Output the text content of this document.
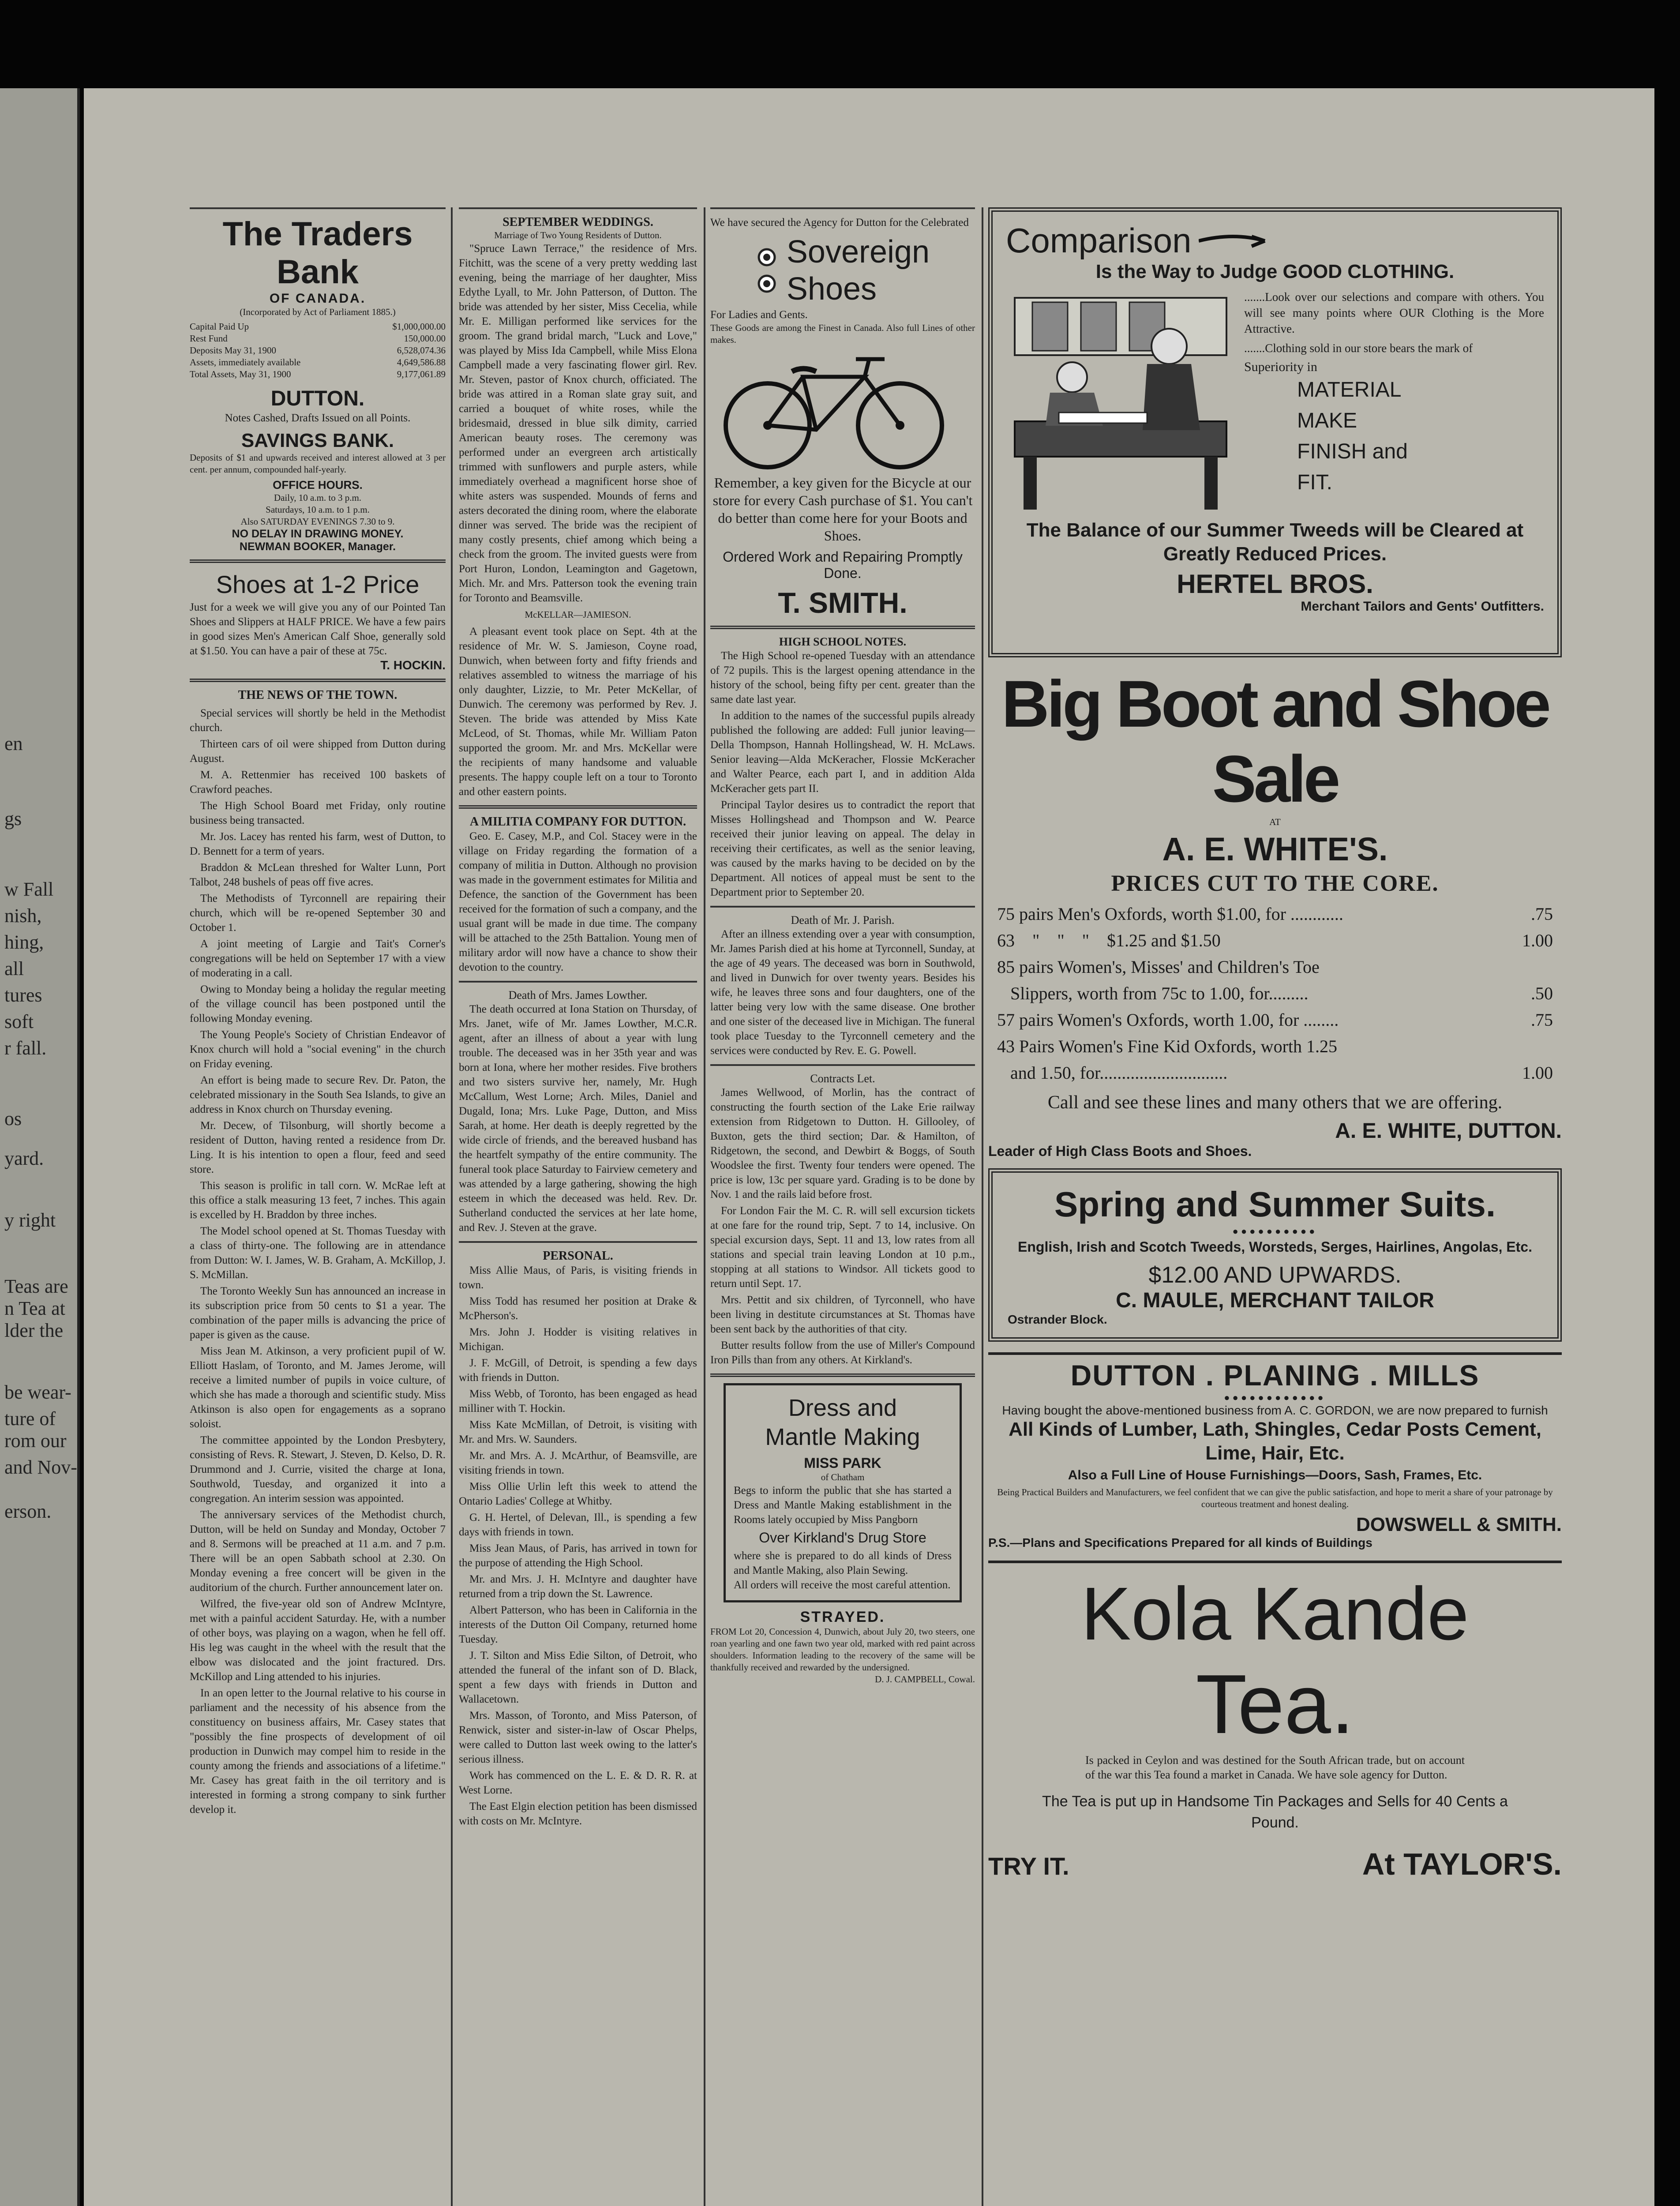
en
gs
w Fall
nish,
hing,
all
tures
soft
r fall.
os
yard.
y right
Teas are
n Tea at
lder the
be wear-
ture of
rom our
and Nov-
erson.
The Traders Bank
OF CANADA.
(Incorporated by Act of Parliament 1885.)
Capital Paid Up	$1,000,000.00
Rest Fund	150,000.00
Deposits May 31, 1900	6,528,074.36
Assets, immediately available	4,649,586.88
Total Assets, May 31, 1900	9,177,061.89
DUTTON.
Notes Cashed, Drafts Issued on all Points.
SAVINGS BANK.
Deposits of $1 and upwards received and interest allowed at 3 per cent. per annum, compounded half-yearly.
OFFICE HOURS.
Daily, 10 a.m. to 3 p.m.
Saturdays, 10 a.m. to 1 p.m.
Also SATURDAY EVENINGS 7.30 to 9.
NO DELAY IN DRAWING MONEY.
NEWMAN BOOKER, Manager.
Shoes at 1-2 Price
Just for a week we will give you any of our Pointed Tan Shoes and Slippers at HALF PRICE. We have a few pairs in good sizes Men's American Calf Shoe, generally sold at $1.50. You can have a pair of these at 75c.
T. HOCKIN.
THE NEWS OF THE TOWN.

Special services will shortly be held in the Methodist church.

Thirteen cars of oil were shipped from Dutton during August.

M. A. Rettenmier has received 100 baskets of Crawford peaches.

The High School Board met Friday, only routine business being transacted.

Mr. Jos. Lacey has rented his farm, west of Dutton, to D. Bennett for a term of years.

Braddon & McLean threshed for Walter Lunn, Port Talbot, 248 bushels of peas off five acres.

The Methodists of Tyrconnell are repairing their church, which will be re-opened September 30 and October 1.

A joint meeting of Largie and Tait's Corner's congregations will be held on September 17 with a view of moderating in a call.

Owing to Monday being a holiday the regular meeting of the village council has been postponed until the following Monday evening.

The Young People's Society of Christian Endeavor of Knox church will hold a "social evening" in the church on Friday evening.

An effort is being made to secure Rev. Dr. Paton, the celebrated missionary in the South Sea Islands, to give an address in Knox church on Thursday evening.

Mr. Decew, of Tilsonburg, will shortly become a resident of Dutton, having rented a residence from Dr. Ling. It is his intention to open a flour, feed and seed store.

This season is prolific in tall corn. W. McRae left at this office a stalk measuring 13 feet, 7 inches. This again is excelled by H. Braddon by three inches.

The Model school opened at St. Thomas Tuesday with a class of thirty-one. The following are in attendance from Dutton: W. I. James, W. B. Graham, A. McKillop, J. S. McMillan.

The Toronto Weekly Sun has announced an increase in its subscription price from 50 cents to $1 a year. The combination of the paper mills is advancing the price of paper is given as the cause.

Miss Jean M. Atkinson, a very proficient pupil of W. Elliott Haslam, of Toronto, and M. James Jerome, will receive a limited number of pupils in voice culture, of which she has made a thorough and scientific study. Miss Atkinson is also open for engagements as a soprano soloist.

The committee appointed by the London Presbytery, consisting of Revs. R. Stewart, J. Steven, D. Kelso, D. R. Drummond and J. Currie, visited the charge at Iona, Southwold, Tuesday, and organized it into a congregation. An interim session was appointed.

The anniversary services of the Methodist church, Dutton, will be held on Sunday and Monday, October 7 and 8. Sermons will be preached at 11 a.m. and 7 p.m. There will be an open Sabbath school at 2.30. On Monday evening a free concert will be given in the auditorium of the church. Further announcement later on.

Wilfred, the five-year old son of Andrew McIntyre, met with a painful accident Saturday. He, with a number of other boys, was playing on a wagon, when he fell off. His leg was caught in the wheel with the result that the elbow was dislocated and the joint fractured. Drs. McKillop and Ling attended to his injuries.

In an open letter to the Journal relative to his course in parliament and the necessity of his absence from the constituency on business affairs, Mr. Casey states that "possibly the fine prospects of development of oil production in Dunwich may compel him to reside in the county among the friends and associations of a lifetime." Mr. Casey has great faith in the oil territory and is interested in forming a strong company to sink further develop it.

SEPTEMBER WEDDINGS.
Marriage of Two Young Residents of Dutton.

"Spruce Lawn Terrace," the residence of Mrs. Fitchitt, was the scene of a very pretty wedding last evening, being the marriage of her daughter, Miss Edythe Lyall, to Mr. John Patterson, of Dutton. The bride was attended by her sister, Miss Cecelia, while Mr. E. Milligan performed like services for the groom. The grand bridal march, "Luck and Love," was played by Miss Ida Campbell, while Miss Elona Campbell made a very fascinating flower girl. Rev. Mr. Steven, pastor of Knox church, officiated. The bride was attired in a Roman slate gray suit, and carried a bouquet of white roses, while the bridesmaid, dressed in blue silk dimity, carried American beauty roses. The ceremony was performed under an evergreen arch artistically trimmed with sunflowers and purple asters, while immediately overhead a magnificent horse shoe of white asters was suspended. Mounds of ferns and asters decorated the dining room, where the elaborate dinner was served. The bride was the recipient of many costly presents, chief among which being a check from the groom. The invited guests were from Port Huron, London, Leamington and Gagetown, Mich. Mr. and Mrs. Patterson took the evening train for Toronto and Beamsville.

McKELLAR—JAMIESON.

A pleasant event took place on Sept. 4th at the residence of Mr. W. S. Jamieson, Coyne road, Dunwich, when between forty and fifty friends and relatives assembled to witness the marriage of his only daughter, Lizzie, to Mr. Peter McKellar, of Dunwich. The ceremony was performed by Rev. J. Steven. The bride was attended by Miss Kate McLeod, of St. Thomas, while Mr. William Paton supported the groom. Mr. and Mrs. McKellar were the recipients of many handsome and valuable presents. The happy couple left on a tour to Toronto and other eastern points.

A MILITIA COMPANY FOR DUTTON.

Geo. E. Casey, M.P., and Col. Stacey were in the village on Friday regarding the formation of a company of militia in Dutton. Although no provision was made in the government estimates for Militia and Defence, the sanction of the Government has been received for the formation of such a company, and the usual grant will be made in due time. The company will be attached to the 25th Battalion. Young men of military ardor will now have a chance to show their devotion to the country.

Death of Mrs. James Lowther.

The death occurred at Iona Station on Thursday, of Mrs. Janet, wife of Mr. James Lowther, M.C.R. agent, after an illness of about a year with lung trouble. The deceased was in her 35th year and was born at Iona, where her mother resides. Five brothers and two sisters survive her, namely, Mr. Hugh McCallum, West Lorne; Arch. Miles, Daniel and Dugald, Iona; Mrs. Luke Page, Dutton, and Miss Sarah, at home. Her death is deeply regretted by the wide circle of friends, and the bereaved husband has the heartfelt sympathy of the entire community. The funeral took place Saturday to Fairview cemetery and was attended by a large gathering, showing the high esteem in which the deceased was held. Rev. Dr. Sutherland conducted the services at her late home, and Rev. J. Steven at the grave.

PERSONAL.

Miss Allie Maus, of Paris, is visiting friends in town.

Miss Todd has resumed her position at Drake & McPherson's.

Mrs. John J. Hodder is visiting relatives in Michigan.

J. F. McGill, of Detroit, is spending a few days with friends in Dutton.

Miss Webb, of Toronto, has been engaged as head milliner with T. Hockin.

Miss Kate McMillan, of Detroit, is visiting with Mr. and Mrs. W. Saunders.

Mr. and Mrs. A. J. McArthur, of Beamsville, are visiting friends in town.

Miss Ollie Urlin left this week to attend the Ontario Ladies' College at Whitby.

G. H. Hertel, of Delevan, Ill., is spending a few days with friends in town.

Miss Jean Maus, of Paris, has arrived in town for the purpose of attending the High School.

Mr. and Mrs. J. H. McIntyre and daughter have returned from a trip down the St. Lawrence.

Albert Patterson, who has been in California in the interests of the Dutton Oil Company, returned home Tuesday.

J. T. Silton and Miss Edie Silton, of Detroit, who attended the funeral of the infant son of D. Black, spent a few days with friends in Dutton and Wallacetown.

Mrs. Masson, of Toronto, and Miss Paterson, of Renwick, sister and sister-in-law of Oscar Phelps, were called to Dutton last week owing to the latter's serious illness.

Work has commenced on the L. E. & D. R. R. at West Lorne.

The East Elgin election petition has been dismissed with costs on Mr. McIntyre.

We have secured the Agency for Dutton for the Celebrated
Sovereign
Shoes
For Ladies and Gents.
These Goods are among the Finest in Canada. Also full Lines of other makes.
Remember, a key given for the Bicycle at our store for every Cash purchase of $1. You can't do better than come here for your Boots and Shoes.
Ordered Work and Repairing Promptly Done.
T. SMITH.
HIGH SCHOOL NOTES.

The High School re-opened Tuesday with an attendance of 72 pupils. This is the largest opening attendance in the history of the school, being fifty per cent. greater than the same date last year.

In addition to the names of the successful pupils already published the following are added: Full junior leaving—Della Thompson, Hannah Hollingshead, W. H. McLaws. Senior leaving—Alda McKeracher, Flossie McKeracher and Walter Pearce, each part I, and in addition Alda McKeracher gets part II.

Principal Taylor desires us to contradict the report that Misses Hollingshead and Thompson and W. Pearce received their junior leaving on appeal. The delay in receiving their certificates, as well as the senior leaving, was caused by the marks having to be decided on by the Department. All notices of appeal must be sent to the Department prior to September 20.

Death of Mr. J. Parish.

After an illness extending over a year with consumption, Mr. James Parish died at his home at Tyrconnell, Sunday, at the age of 49 years. The deceased was born in Southwold, and lived in Dunwich for over twenty years. Besides his wife, he leaves three sons and four daughters, one of the latter being very low with the same disease. One brother and one sister of the deceased live in Michigan. The funeral took place Tuesday to the Tyrconnell cemetery and the services were conducted by Rev. E. G. Powell.

Contracts Let.

James Wellwood, of Morlin, has the contract of constructing the fourth section of the Lake Erie railway extension from Ridgetown to Dutton. H. Gillooley, of Buxton, gets the third section; Dar. & Hamilton, of Ridgetown, the second, and Dewbirt & Boggs, of South Woodslee the first. Twenty four tenders were opened. The price is low, 13c per square yard. Grading is to be done by Nov. 1 and the rails laid before frost.

For London Fair the M. C. R. will sell excursion tickets at one fare for the round trip, Sept. 7 to 14, inclusive. On special excursion days, Sept. 11 and 13, low rates from all stations and special train leaving London at 10 p.m., stopping at all stations to Windsor. All tickets good to return until Sept. 17.

Mrs. Pettit and six children, of Tyrconnell, who have been living in destitute circumstances at St. Thomas have been sent back by the authorities of that city.

Butter results follow from the use of Miller's Compound Iron Pills than from any others. At Kirkland's.

Dress and
Mantle Making
MISS PARK
of Chatham
Begs to inform the public that she has started a Dress and Mantle Making establishment in the Rooms lately occupied by Miss Pangborn
Over Kirkland's Drug Store
where she is prepared to do all kinds of Dress and Mantle Making, also Plain Sewing.
All orders will receive the most careful attention.
STRAYED.
FROM Lot 20, Concession 4, Dunwich, about July 20, two steers, one roan yearling and one fawn two year old, marked with red paint across shoulders. Information leading to the recovery of the same will be thankfully received and rewarded by the undersigned.
D. J. CAMPBELL, Cowal.
Comparison
Is the Way to Judge GOOD CLOTHING.
.......Look over our selections and compare with others. You will see many points where OUR Clothing is the More Attractive.
.......Clothing sold in our store bears the mark of
Superiority in
MATERIAL
MAKE
FINISH and
FIT.
The Balance of our Summer Tweeds will be Cleared at Greatly Reduced Prices.
HERTEL BROS.
Merchant Tailors and Gents' Outfitters.
Big Boot and Shoe Sale
AT
A. E. WHITE'S.
PRICES CUT TO THE CORE.
75 pairs Men's Oxfords, worth $1.00, for ............	.75
63    "    "    "    $1.25 and $1.50	1.00
85 pairs Women's, Misses' and Children's Toe
Slippers, worth from 75c to 1.00, for.........	.50
57 pairs Women's Oxfords, worth 1.00, for ........	.75
43 Pairs Women's Fine Kid Oxfords, worth 1.25
and 1.50, for.............................	1.00
Call and see these lines and many others that we are offering.
A. E. WHITE, DUTTON.
Leader of High Class Boots and Shoes.
Spring and Summer Suits.
●●●●●●●●●●
English, Irish and Scotch Tweeds, Worsteds, Serges, Hairlines, Angolas, Etc.
$12.00 AND UPWARDS.
C. MAULE, MERCHANT TAILOR
Ostrander Block.
DUTTON . PLANING . MILLS
●●●●●●●●●●●●
Having bought the above-mentioned business from A. C. GORDON, we are now prepared to furnish
All Kinds of Lumber, Lath, Shingles, Cedar Posts Cement, Lime, Hair, Etc.
Also a Full Line of House Furnishings—Doors, Sash, Frames, Etc.
Being Practical Builders and Manufacturers, we feel confident that we can give the public satisfaction, and hope to merit a share of your patronage by courteous treatment and honest dealing.
DOWSWELL & SMITH.
P.S.—Plans and Specifications Prepared for all kinds of Buildings
Kola Kande
Tea.
Is packed in Ceylon and was destined for the South African trade, but on account of the war this Tea found a market in Canada. We have sole agency for Dutton.
The Tea is put up in Handsome Tin Packages and Sells for 40 Cents a Pound.
TRY IT.	At TAYLOR'S.
